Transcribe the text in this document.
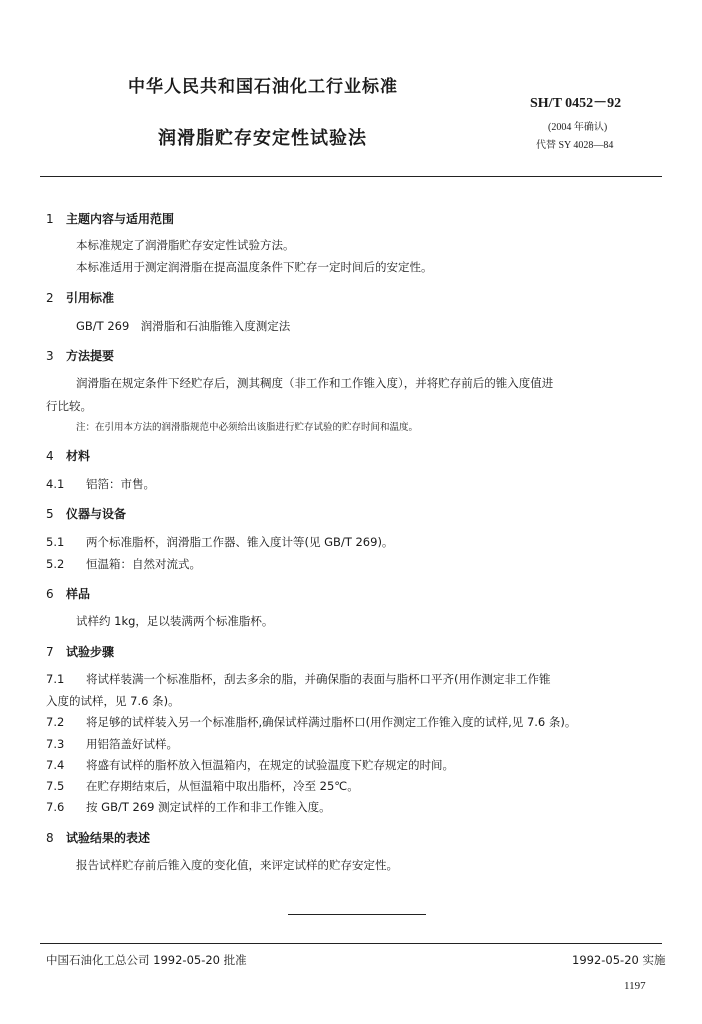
中华人民共和国石油化工行业标准
SH/T 0452－92
润滑脂贮存安定性试验法
(2004 年确认)
代替 SY 4028—84
1 主题内容与适用范围
本标准规定了润滑脂贮存安定性试验方法。
本标准适用于测定润滑脂在提高温度条件下贮存一定时间后的安定性。
2 引用标准
GB/T 269　润滑脂和石油脂锥入度测定法
3 方法提要
润滑脂在规定条件下经贮存后，测其稠度（非工作和工作锥入度），并将贮存前后的锥入度值进
行比较。
注：在引用本方法的润滑脂规范中必须给出该脂进行贮存试验的贮存时间和温度。
4 材料
4.1 铝箔：市售。
5 仪器与设备
5.1 两个标准脂杯，润滑脂工作器、锥入度计等(见 GB/T 269)。
5.2 恒温箱：自然对流式。
6 样品
试样约 1kg，足以装满两个标准脂杯。
7 试验步骤
7.1 将试样装满一个标准脂杯，刮去多余的脂，并确保脂的表面与脂杯口平齐(用作测定非工作锥
入度的试样，见 7.6 条)。
7.2 将足够的试样装入另一个标准脂杯,确保试样满过脂杯口(用作测定工作锥入度的试样,见 7.6 条)。
7.3 用铝箔盖好试样。
7.4 将盛有试样的脂杯放入恒温箱内，在规定的试验温度下贮存规定的时间。
7.5 在贮存期结束后，从恒温箱中取出脂杯，冷至 25℃。
7.6 按 GB/T 269 测定试样的工作和非工作锥入度。
8 试验结果的表述
报告试样贮存前后锥入度的变化值，来评定试样的贮存安定性。
中国石油化工总公司 1992-05-20 批准	1992-05-20 实施
1197
